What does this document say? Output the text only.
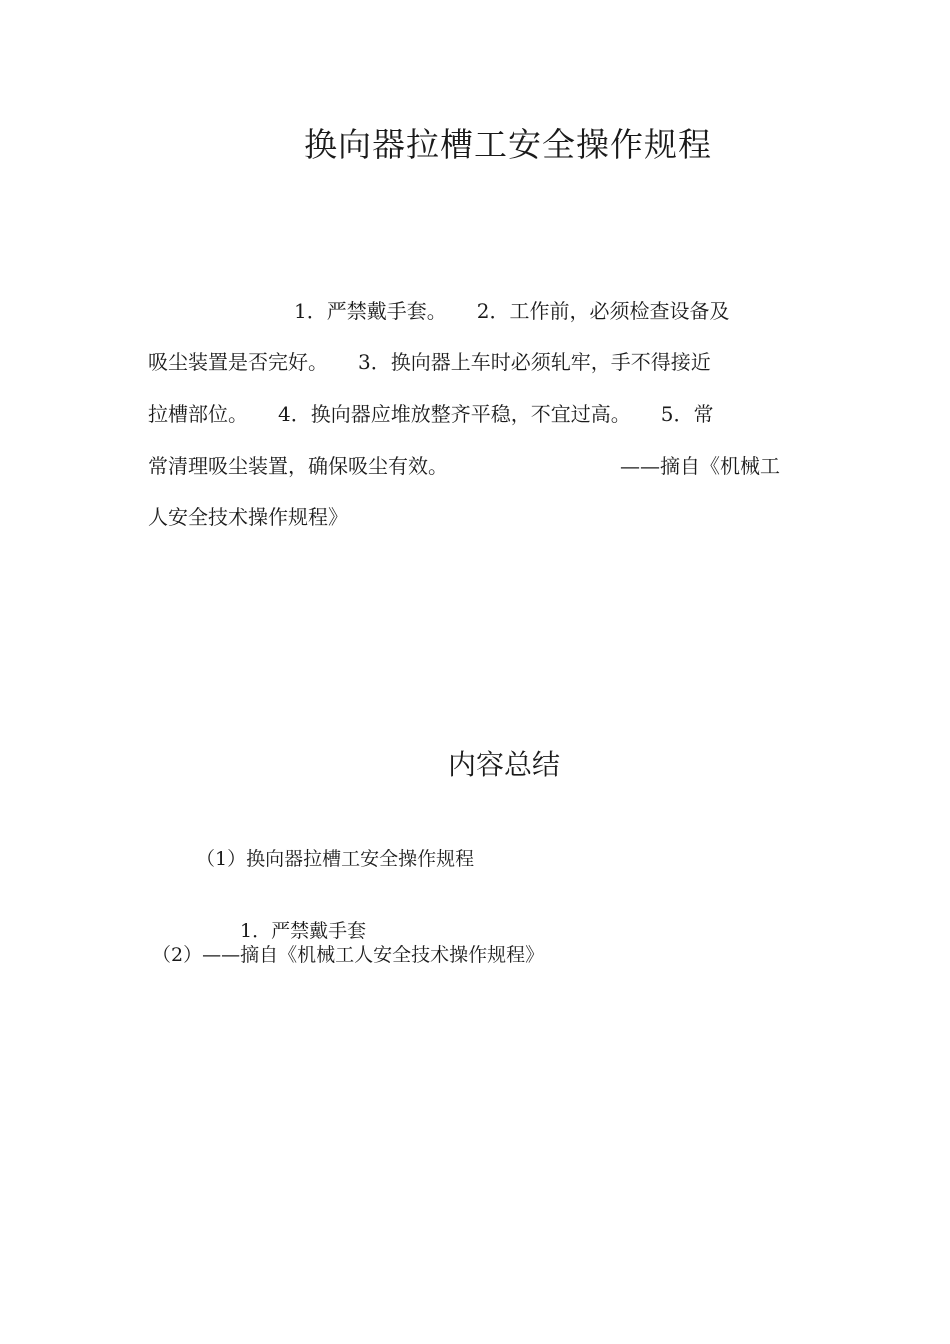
换向器拉槽工安全操作规程

1．严禁戴手套。　　2．工作前，必须检查设备及

吸尘装置是否完好。　　3．换向器上车时必须轧牢，手不得接近

拉槽部位。　　4．换向器应堆放整齐平稳，不宜过高。　　5．常

常清理吸尘装置，确保吸尘有效。	——摘自《机械工

人安全技术操作规程》

内容总结

（1）换向器拉槽工安全操作规程

1．严禁戴手套

（2）——摘自《机械工人安全技术操作规程》
